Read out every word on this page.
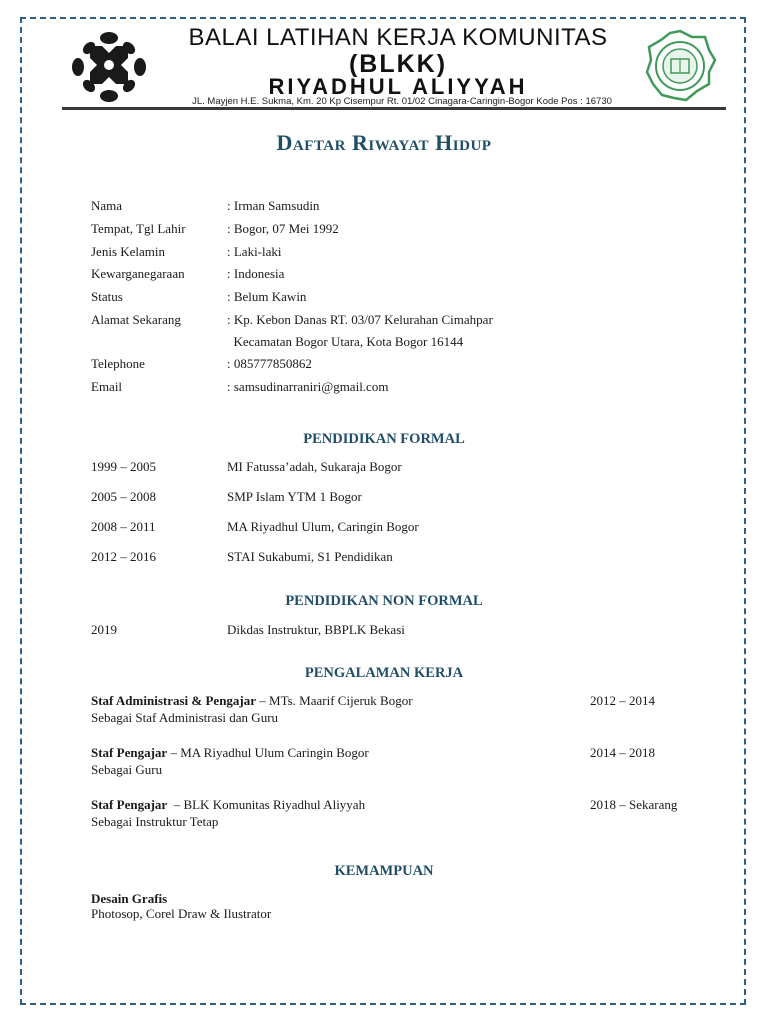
BALAI LATIHAN KERJA KOMUNITAS
(BLKK)
RIYADHUL ALIYYAH
JL. Mayjen H.E. Sukma, Km. 20 Kp Cisempur Rt. 01/02 Cinagara-Caringin-Bogor Kode Pos : 16730
Daftar Riwayat Hidup
Nama	: Irman Samsudin
Tempat, Tgl Lahir	: Bogor, 07 Mei 1992
Jenis Kelamin	: Laki-laki
Kewarganegaraan	: Indonesia
Status	: Belum Kawin
Alamat Sekarang	: Kp. Kebon Danas RT. 03/07 Kelurahan Cimahpar
Kecamatan Bogor Utara, Kota Bogor 16144
Telephone	: 085777850862
Email	: samsudinarraniri@gmail.com
PENDIDIKAN FORMAL
1999 – 2005	MI Fatussa’adah, Sukaraja Bogor
2005 – 2008	SMP Islam YTM 1 Bogor
2008 – 2011	MA Riyadhul Ulum, Caringin Bogor
2012 – 2016	STAI Sukabumi, S1 Pendidikan
PENDIDIKAN NON FORMAL
2019	Dikdas Instruktur, BBPLK Bekasi
PENGALAMAN KERJA
Staf Administrasi & Pengajar – MTs. Maarif Cijeruk Bogor
Sebagai Staf Administrasi dan Guru
2012 – 2014
Staf Pengajar – MA Riyadhul Ulum Caringin Bogor
Sebagai Guru
2014 – 2018
Staf Pengajar  – BLK Komunitas Riyadhul Aliyyah
Sebagai Instruktur Tetap
2018 – Sekarang
KEMAMPUAN
Desain Grafis
Photosop, Corel Draw & Ilustrator
